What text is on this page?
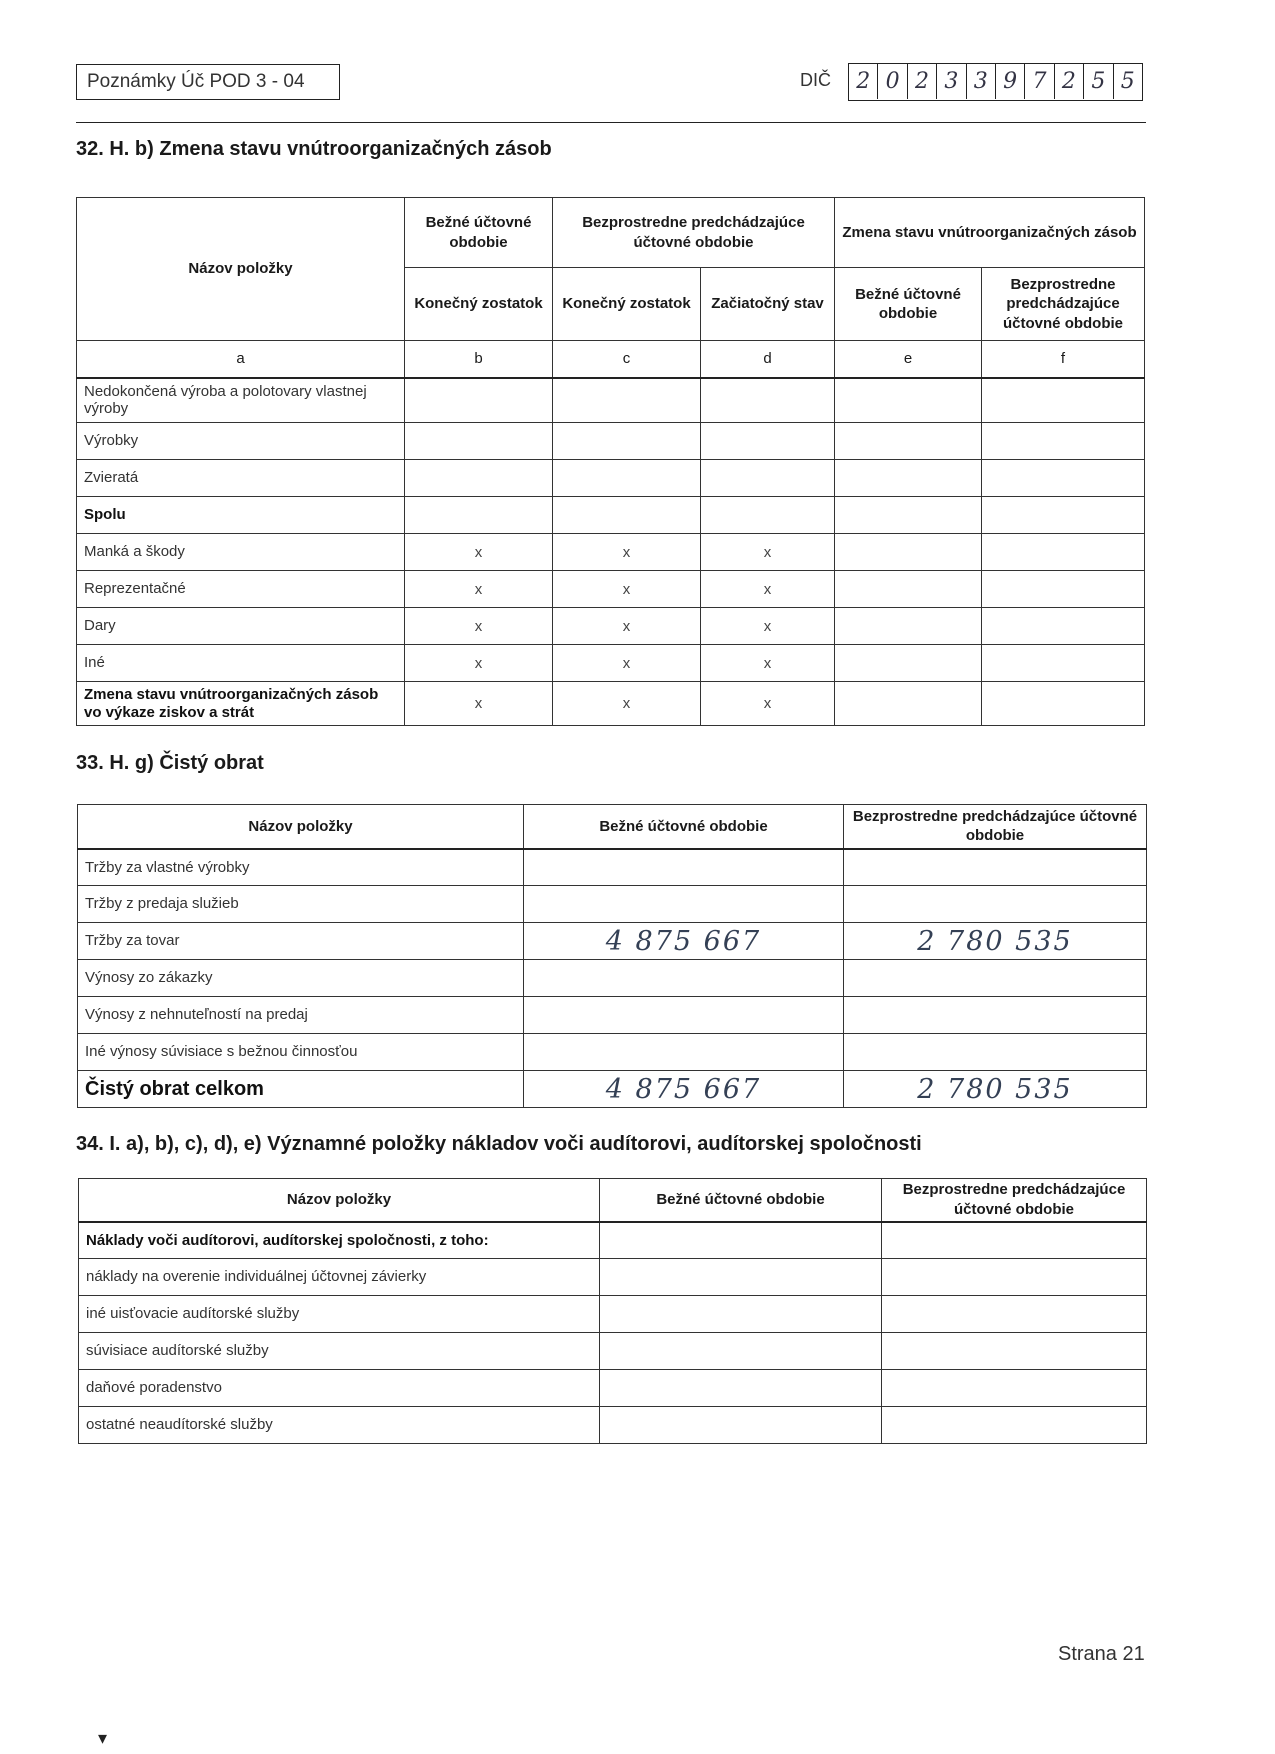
Poznámky Úč POD 3 - 04	DIČ	2 0 2 3 3 9 7 2 5 5
32. H. b) Zmena stavu vnútroorganizačných zásob
Názov položky	Bežné účtovné obdobie	Bezprostredne predchádzajúce účtovné obdobie		Zmena stavu vnútroorganizačných zásob	
	Konečný zostatok	Konečný zostatok	Začiatočný stav	Bežné účtovné obdobie	Bezprostredne predchádzajúce účtovné obdobie
a	b	c	d	e	f
Nedokončená výroba a polotovary vlastnej výroby					
Výrobky					
Zvieratá					
Spolu					
Manká a škody	x	x	x		
Reprezentačné	x	x	x		
Dary	x	x	x		
Iné	x	x	x		
Zmena stavu vnútroorganizačných zásob vo výkaze ziskov a strát	x	x	x		
33. H. g) Čistý obrat
Názov položky	Bežné účtovné obdobie	Bezprostredne predchádzajúce účtovné obdobie
Tržby za vlastné výrobky		
Tržby z predaja služieb		
Tržby za tovar	4 875 667	2 780 535
Výnosy zo zákazky		
Výnosy z nehnuteľností na predaj		
Iné výnosy súvisiace s bežnou činnosťou		
Čistý obrat celkom	4 875 667	2 780 535
34. I. a), b), c), d), e) Významné položky nákladov voči audítorovi, audítorskej spoločnosti
Názov položky	Bežné účtovné obdobie	Bezprostredne predchádzajúce účtovné obdobie
Náklady voči audítorovi, audítorskej spoločnosti, z toho:		
náklady na overenie individuálnej účtovnej závierky		
iné uisťovacie audítorské služby		
súvisiace audítorské služby		
daňové poradenstvo		
ostatné neaudítorské služby		
Strana 21
▾
